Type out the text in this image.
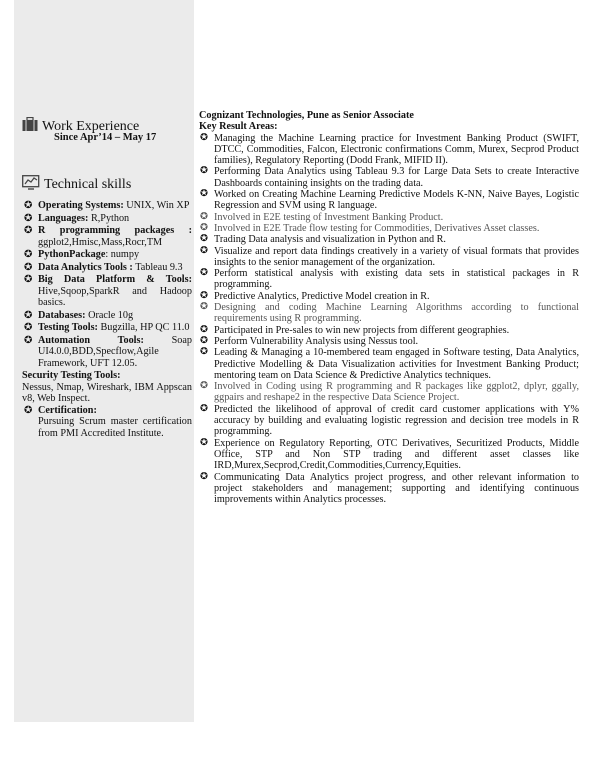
Work Experience
Since Apr’14 – May 17
Technical skills
✪ Operating Systems: UNIX, Win XP
✪ Languages: R,Python
✪ R programming packages : ggplot2,Hmisc,Mass,Rocr,TM
✪ PythonPackage: numpy
✪ Data Analytics Tools : Tableau 9.3
✪ Big Data Platform & Tools: Hive,Sqoop,SparkR and Hadoop basics.
✪ Databases: Oracle 10g
✪ Testing Tools: Bugzilla, HP QC 11.0
✪ Automation Tools: Soap UI4.0.0,BDD,Specflow,Agile Framework, UFT 12.05.
Security Testing Tools:
Nessus, Nmap, Wireshark, IBM Appscan v8, Web Inspect.
✪ Certification:
Pursuing Scrum master certification from PMI Accredited Institute.
Cognizant Technologies, Pune as Senior Associate
Key Result Areas:
✪ Managing the Machine Learning practice for Investment Banking Product (SWIFT, DTCC, Commodities, Falcon, Electronic confirmations Comm, Murex, Secprod Product families), Regulatory Reporting (Dodd Frank, MIFID II).
✪ Performing Data Analytics using Tableau 9.3 for Large Data Sets to create Interactive Dashboards containing insights on the trading data.
✪ Worked on Creating Machine Learning Predictive Models K-NN, Naive Bayes, Logistic Regression and SVM using R language.
✪ Involved in E2E testing of Investment Banking Product.
✪ Involved in E2E Trade flow testing for Commodities, Derivatives Asset classes.
✪ Trading Data analysis and visualization in Python and R.
✪ Visualize and report data findings creatively in a variety of visual formats that provides insights to the senior management of the organization.
✪ Perform statistical analysis with existing data sets in statistical packages in R programming.
✪ Predictive Analytics, Predictive Model creation in R.
✪ Designing and coding Machine Learning Algorithms according to functional requirements using R programming.
✪ Participated in Pre-sales to win new projects from different geographies.
✪ Perform Vulnerability Analysis using Nessus tool.
✪ Leading & Managing a 10-membered team engaged in Software testing, Data Analytics, Predictive Modelling & Data Visualization activities for Investment Banking Product; mentoring team on Data Science & Predictive Analytics techniques.
✪ Involved in Coding using R programming and R packages like ggplot2, dplyr, ggally, ggpairs and reshape2 in the respective Data Science Project.
✪ Predicted the likelihood of approval of credit card customer applications with Y% accuracy by building and evaluating logistic regression and decision tree models in R programming.
✪ Experience on Regulatory Reporting, OTC Derivatives, Securitized Products, Middle Office, STP and Non STP trading and different asset classes like IRD,Murex,Secprod,Credit,Commodities,Currency,Equities.
✪ Communicating Data Analytics project progress, and other relevant information to project stakeholders and management; supporting and identifying continuous improvements within Analytics processes.
